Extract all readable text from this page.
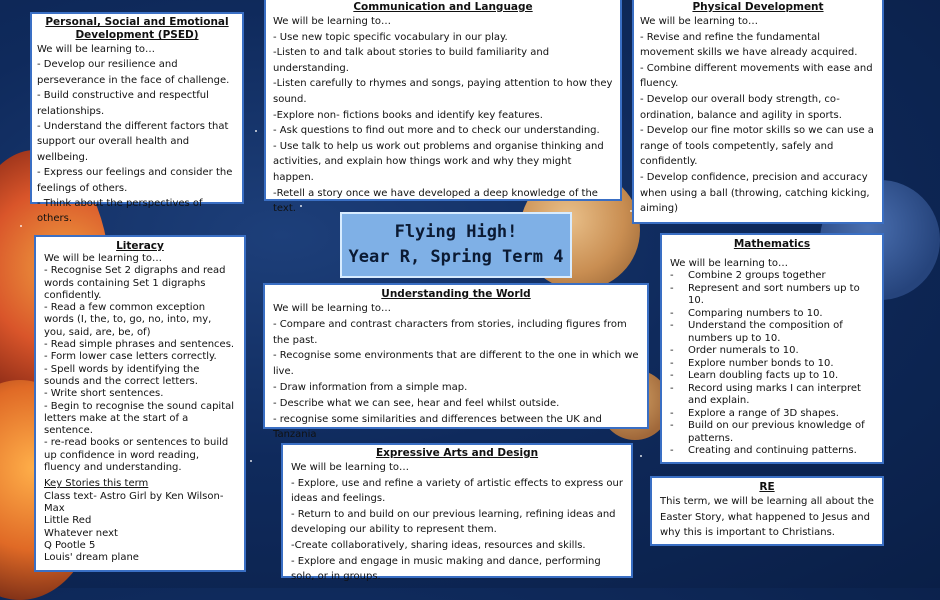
Personal, Social and Emotional Development (PSED)

We will be learning to…

- Develop our resilience and perseverance in the face of challenge.
- Build constructive and respectful relationships.
- Understand the different factors that support our overall health and wellbeing.
- Express our feelings and consider the feelings of others.
- Think about the perspectives of others.
Communication and Language

We will be learning to…

- Use new topic specific vocabulary in our play.
-Listen to and talk about stories to build familiarity and understanding.
-Listen carefully to rhymes and songs, paying attention to how they sound.
-Explore non- fictions books and identify key features.
- Ask questions to find out more and to check our understanding.
- Use talk to help us work out problems and organise thinking and activities, and explain how things work and why they might happen.
-Retell a story once we have developed a deep knowledge of the text.
Physical Development

We will be learning to…

- Revise and refine the fundamental movement skills we have already acquired.
- Combine different movements with ease and fluency.
- Develop our overall body strength, co-ordination, balance and agility in sports.
- Develop our fine motor skills so we can use a range of tools competently, safely and confidently.
- Develop confidence, precision and accuracy when using a ball (throwing, catching kicking, aiming)
Flying High!
Year R, Spring Term 4
Literacy

We will be learning to…

- Recognise Set 2 digraphs and read words containing Set 1 digraphs confidently.
- Read a few common exception words (I, the, to, go, no, into, my, you, said, are, be, of)
- Read simple phrases and sentences.
- Form lower case letters correctly.
- Spell words by identifying the sounds and the correct letters.
- Write short sentences.
- Begin to recognise the sound capital letters make at the start of a sentence.
- re-read books or sentences to build up confidence in word reading, fluency and understanding.

Key Stories this term

Class text- Astro Girl by Ken Wilson-Max
Little Red
Whatever next
Q Pootle 5
Louis' dream plane
Understanding the World

We will be learning to…

- Compare and contrast characters from stories, including figures from the past.
- Recognise some environments that are different to the one in which we live.
- Draw information from a simple map.
- Describe what we can see, hear and feel whilst outside.
- recognise some similarities and differences between the UK and Tanzania
Mathematics

We will be learning to…

- Combine 2 groups together
- Represent and sort numbers up to 10.
- Comparing numbers to 10.
- Understand the composition of numbers up to 10.
- Order numerals to 10.
- Explore number bonds to 10.
- Learn doubling facts up to 10.
- Record using marks I can interpret and explain.
- Explore a range of 3D shapes.
- Build on our previous knowledge of patterns.
- Creating and continuing patterns.
Expressive Arts and Design

We will be learning to…

- Explore, use and refine a variety of artistic effects to express our ideas and feelings.
- Return to and build on our previous learning, refining ideas and developing our ability to represent them.
-Create collaboratively, sharing ideas, resources and skills.
- Explore and engage in music making and dance, performing solo, or in groups.
RE

This term, we will be learning all about the Easter Story, what happened to Jesus and why this is important to Christians.
